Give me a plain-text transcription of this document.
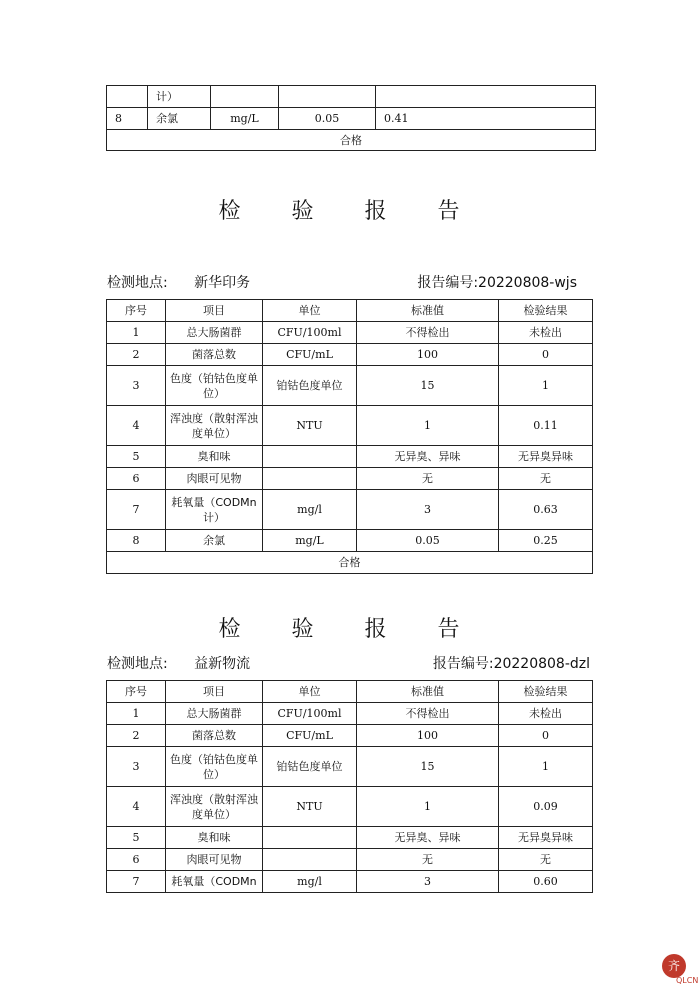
	计）			
8	余氯	mg/L	0.05	0.41
合格				
检 验 报 告
检测地点: 新华印务	报告编号:20220808-wjs
序号	项目	单位	标准值	检验结果
1	总大肠菌群	CFU/100ml	不得检出	未检出
2	菌落总数	CFU/mL	100	0
3	色度（铂钴色度单位）	铂钴色度单位	15	1
4	浑浊度（散射浑浊度单位）	NTU	1	0.11
5	臭和味		无异臭、异味	无异臭异味
6	肉眼可见物		无	无
7	耗氧量（CODMn计）	mg/l	3	0.63
8	余氯	mg/L	0.05	0.25
合格				
检 验 报 告
检测地点: 益新物流	报告编号:20220808-dzl
序号	项目	单位	标准值	检验结果
1	总大肠菌群	CFU/100ml	不得检出	未检出
2	菌落总数	CFU/mL	100	0
3	色度（铂钴色度单位）	铂钴色度单位	15	1
4	浑浊度（散射浑浊度单位）	NTU	1	0.09
5	臭和味		无异臭、异味	无异臭异味
6	肉眼可见物		无	无
7	耗氧量（CODMn	mg/l	3	0.60
齐
QLCN
